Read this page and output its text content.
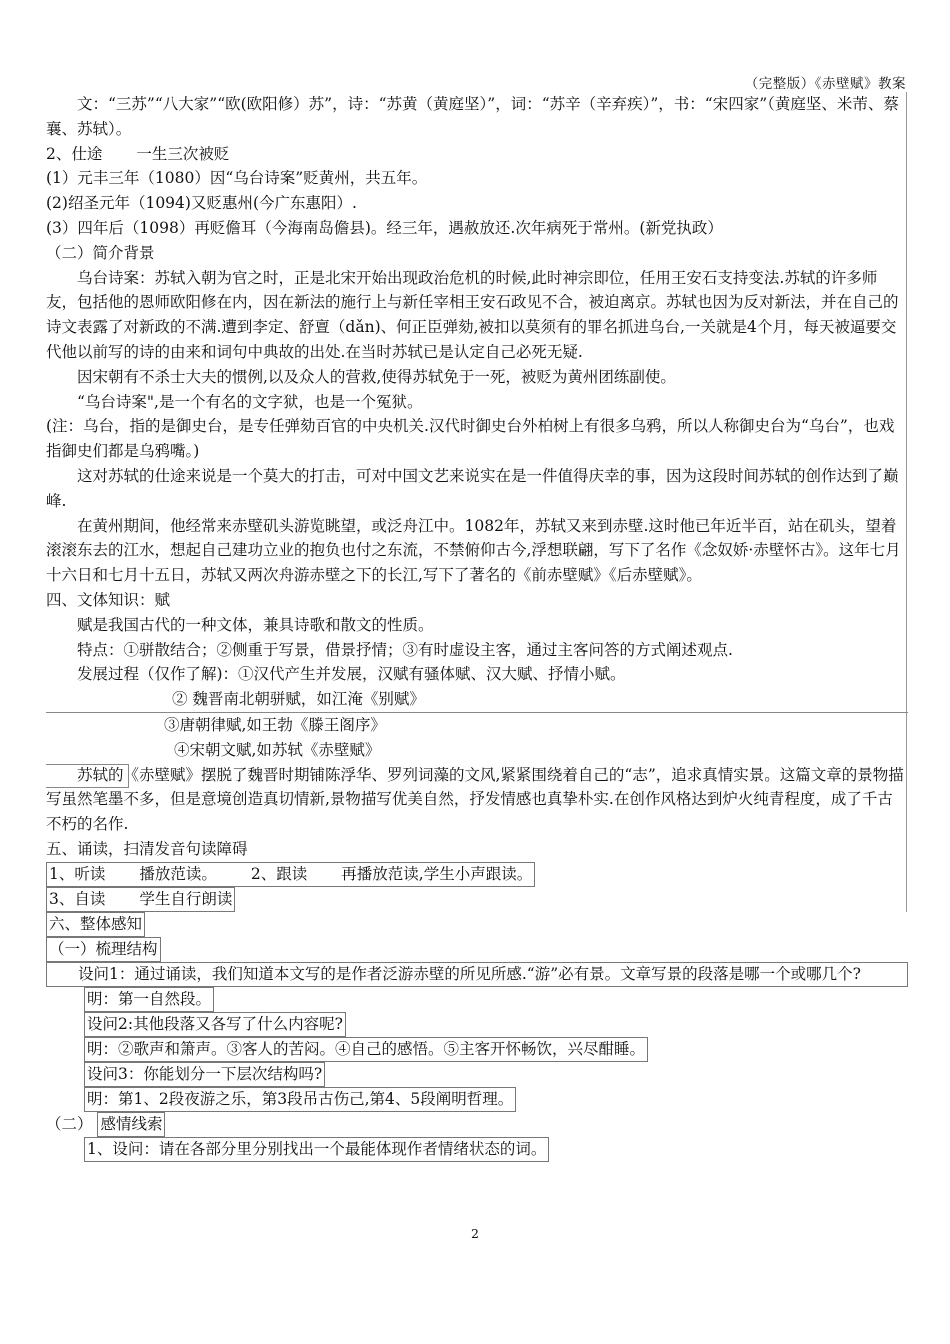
（完整版）《赤壁赋》教案

文：“三苏”“八大家”“欧(欧阳修）苏”，诗：“苏黄（黄庭坚）”，词：“苏辛（辛弃疾）”，书：“宋四家”（黄庭坚、米芾、蔡襄、苏轼）。

2、仕途 一生三次被贬

(1）元丰三年（1080）因“乌台诗案”贬黄州，共五年。

(2)绍圣元年（1094)又贬惠州(今广东惠阳）.

(3）四年后（1098）再贬儋耳（今海南岛儋县)。经三年，遇赦放还.次年病死于常州。(新党执政）

（二）简介背景

乌台诗案：苏轼入朝为官之时，正是北宋开始出现政治危机的时候,此时神宗即位，任用王安石支持变法.苏轼的许多师友，包括他的恩师欧阳修在内，因在新法的施行上与新任宰相王安石政见不合，被迫离京。苏轼也因为反对新法，并在自己的诗文表露了对新政的不满.遭到李定、舒亶（dǎn)、何正臣弹劾,被扣以莫须有的罪名抓进乌台,一关就是4个月，每天被逼要交代他以前写的诗的由来和词句中典故的出处.在当时苏轼已是认定自己必死无疑.

因宋朝有不杀士大夫的惯例,以及众人的营救,使得苏轼免于一死，被贬为黄州团练副使。

“乌台诗案",是一个有名的文字狱，也是一个冤狱。

(注：乌台，指的是御史台，是专任弹劾百官的中央机关.汉代时御史台外柏树上有很多乌鸦，所以人称御史台为“乌台”，也戏指御史们都是乌鸦嘴。)

这对苏轼的仕途来说是一个莫大的打击，可对中国文艺来说实在是一件值得庆幸的事，因为这段时间苏轼的创作达到了巅峰.

在黄州期间，他经常来赤壁矶头游览眺望，或泛舟江中。1082年，苏轼又来到赤壁.这时他已年近半百，站在矶头，望着滚滚东去的江水，想起自己建功立业的抱负也付之东流，不禁俯仰古今,浮想联翩，写下了名作《念奴娇·赤壁怀古》。这年七月十六日和七月十五日，苏轼又两次舟游赤壁之下的长江,写下了著名的《前赤壁赋》《后赤壁赋》。

四、文体知识：赋

赋是我国古代的一种文体，兼具诗歌和散文的性质。

特点：①骈散结合；②侧重于写景，借景抒情；③有时虚设主客，通过主客问答的方式阐述观点.

发展过程（仅作了解)：①汉代产生并发展，汉赋有骚体赋、汉大赋、抒情小赋。

② 魏晋南北朝骈赋，如江淹《别赋》

③唐朝律赋,如王勃《滕王阁序》

④宋朝文赋,如苏轼《赤壁赋》

苏轼的《赤壁赋》摆脱了魏晋时期铺陈浮华、罗列词藻的文风,紧紧围绕着自己的“志”，追求真情实景。这篇文章的景物描写虽然笔墨不多，但是意境创造真切情新,景物描写优美自然，抒发情感也真挚朴实.在创作风格达到炉火纯青程度，成了千古不朽的名作.

五、诵读，扫清发音句读障碍

1、听读 播放范读。 2、跟读 再播放范读,学生小声跟读。

3、自读 学生自行朗读

六、整体感知

（一）梳理结构

设问1：通过诵读，我们知道本文写的是作者泛游赤壁的所见所感.“游”必有景。文章写景的段落是哪一个或哪几个?

明：第一自然段。

设问2:其他段落又各写了什么内容呢?

明：②歌声和箫声。③客人的苦闷。④自己的感悟。⑤主客开怀畅饮，兴尽酣睡。

设问3：你能划分一下层次结构吗?

明：第1、2段夜游之乐，第3段吊古伤己,第4、5段阐明哲理。

（二） 感情线索

1、设问：请在各部分里分别找出一个最能体现作者情绪状态的词。

2
